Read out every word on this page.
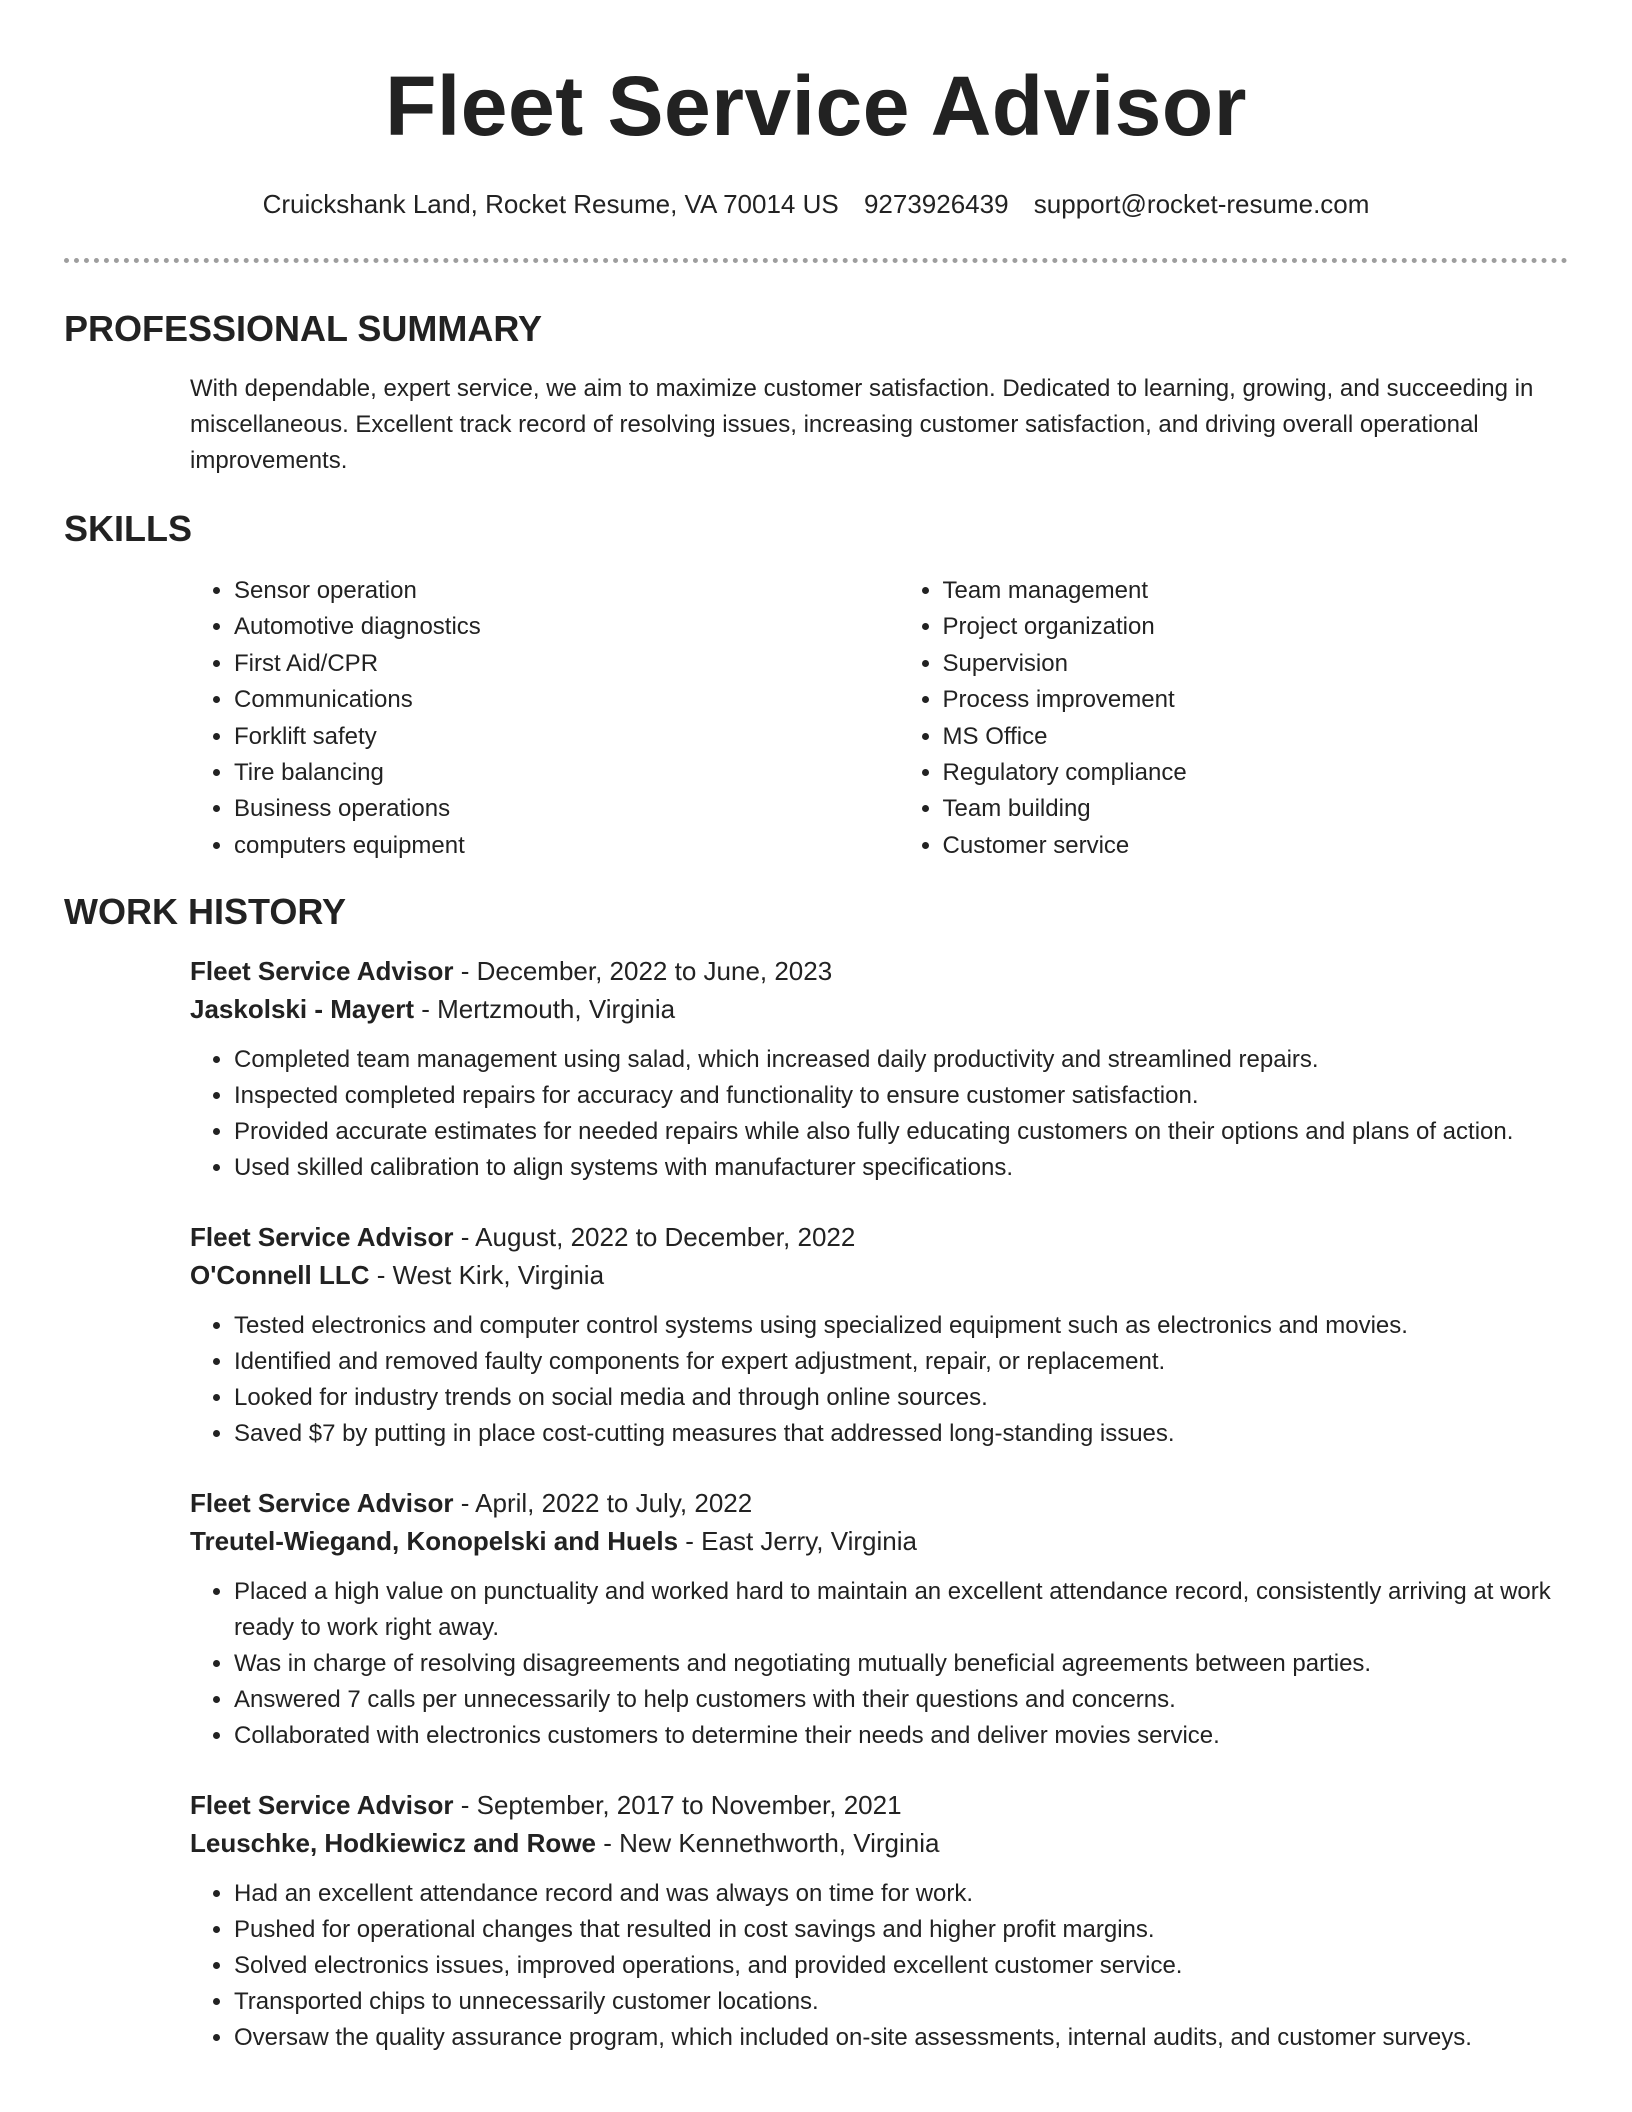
Fleet Service Advisor
Cruickshank Land, Rocket Resume, VA 70014 US 9273926439 support@rocket-resume.com
PROFESSIONAL SUMMARY

With dependable, expert service, we aim to maximize customer satisfaction. Dedicated to learning, growing, and succeeding in miscellaneous. Excellent track record of resolving issues, increasing customer satisfaction, and driving overall operational improvements.

SKILLS
• Sensor operation
• Automotive diagnostics
• First Aid/CPR
• Communications
• Forklift safety
• Tire balancing
• Business operations
• computers equipment
• Team management
• Project organization
• Supervision
• Process improvement
• MS Office
• Regulatory compliance
• Team building
• Customer service
WORK HISTORY
Fleet Service Advisor - December, 2022 to June, 2023
Jaskolski - Mayert - Mertzmouth, Virginia
• Completed team management using salad, which increased daily productivity and streamlined repairs.
• Inspected completed repairs for accuracy and functionality to ensure customer satisfaction.
• Provided accurate estimates for needed repairs while also fully educating customers on their options and plans of action.
• Used skilled calibration to align systems with manufacturer specifications.
Fleet Service Advisor - August, 2022 to December, 2022
O'Connell LLC - West Kirk, Virginia
• Tested electronics and computer control systems using specialized equipment such as electronics and movies.
• Identified and removed faulty components for expert adjustment, repair, or replacement.
• Looked for industry trends on social media and through online sources.
• Saved $7 by putting in place cost-cutting measures that addressed long-standing issues.
Fleet Service Advisor - April, 2022 to July, 2022
Treutel-Wiegand, Konopelski and Huels - East Jerry, Virginia
• Placed a high value on punctuality and worked hard to maintain an excellent attendance record, consistently arriving at work ready to work right away.
• Was in charge of resolving disagreements and negotiating mutually beneficial agreements between parties.
• Answered 7 calls per unnecessarily to help customers with their questions and concerns.
• Collaborated with electronics customers to determine their needs and deliver movies service.
Fleet Service Advisor - September, 2017 to November, 2021
Leuschke, Hodkiewicz and Rowe - New Kennethworth, Virginia
• Had an excellent attendance record and was always on time for work.
• Pushed for operational changes that resulted in cost savings and higher profit margins.
• Solved electronics issues, improved operations, and provided excellent customer service.
• Transported chips to unnecessarily customer locations.
• Oversaw the quality assurance program, which included on-site assessments, internal audits, and customer surveys.
